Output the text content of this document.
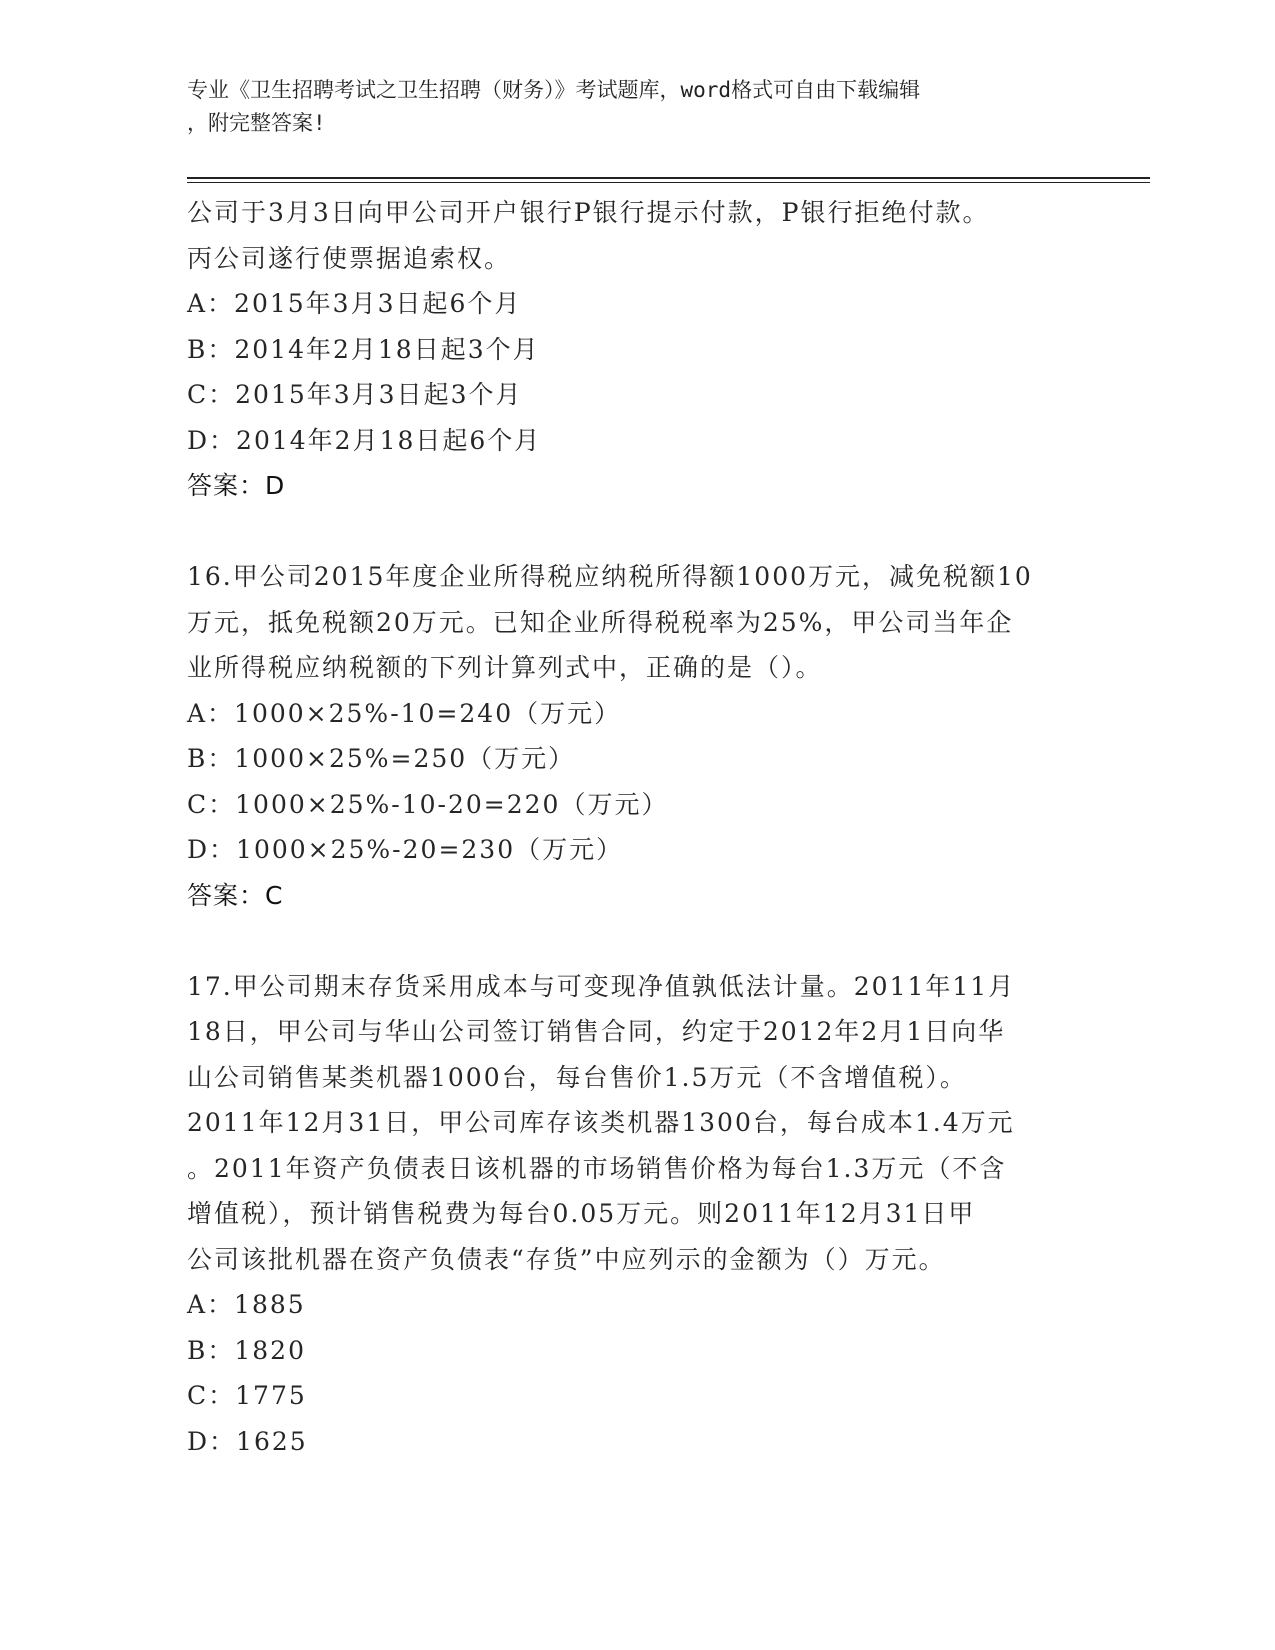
专业《卫生招聘考试之卫生招聘（财务）》考试题库，word格式可自由下载编辑
，附完整答案!
公司于3月3日向甲公司开户银行P银行提示付款，P银行拒绝付款。
丙公司遂行使票据追索权。
A：2015年3月3日起6个月
B：2014年2月18日起3个月
C：2015年3月3日起3个月
D：2014年2月18日起6个月
答案：D
16.甲公司2015年度企业所得税应纳税所得额1000万元，减免税额10
万元，抵免税额20万元。已知企业所得税税率为25%，甲公司当年企
业所得税应纳税额的下列计算列式中，正确的是（）。
A：1000×25%-10=240（万元）
B：1000×25%=250（万元）
C：1000×25%-10-20=220（万元）
D：1000×25%-20=230（万元）
答案：C
17.甲公司期末存货采用成本与可变现净值孰低法计量。2011年11月
18日，甲公司与华山公司签订销售合同，约定于2012年2月1日向华
山公司销售某类机器1000台，每台售价1.5万元（不含增值税）。
2011年12月31日，甲公司库存该类机器1300台，每台成本1.4万元
。2011年资产负债表日该机器的市场销售价格为每台1.3万元（不含
增值税），预计销售税费为每台0.05万元。则2011年12月31日甲
公司该批机器在资产负债表“存货”中应列示的金额为（）万元。
A：1885
B：1820
C：1775
D：1625
